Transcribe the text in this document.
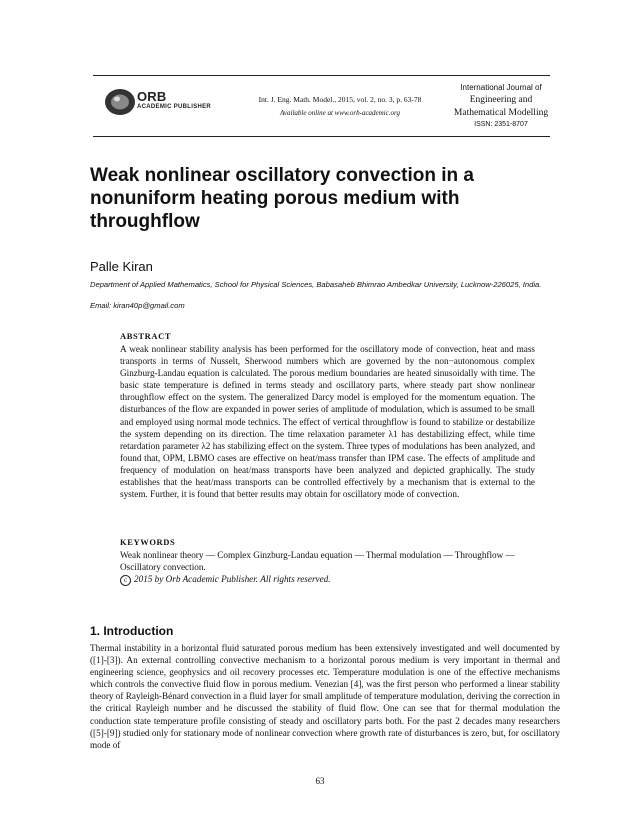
ORB
ACADEMIC PUBLISHER
Int. J. Eng. Math. Model., 2015, vol. 2, no. 3, p. 63-78
Available online at www.orb-academic.org
International Journal of
Engineering and
Mathematical Modelling
ISSN: 2351-8707
Weak nonlinear oscillatory convection in a nonuniform heating porous medium with throughflow
Palle Kiran
Department of Applied Mathematics, School for Physical Sciences, Babasaheb Bhimrao Ambedkar University, Lucknow-226025, India.
Email: kiran40p@gmail.com
ABSTRACT
A weak nonlinear stability analysis has been performed for the oscillatory mode of convection, heat and mass transports in terms of Nusselt, Sherwood numbers which are governed by the non−autonomous complex Ginzburg-Landau equation is calculated. The porous medium boundaries are heated sinusoidally with time. The basic state temperature is defined in terms steady and oscillatory parts, where steady part show nonlinear throughflow effect on the system. The generalized Darcy model is employed for the momentum equation. The disturbances of the flow are expanded in power series of amplitude of modulation, which is assumed to be small and employed using normal mode technics. The effect of vertical throughflow is found to stabilize or destabilize the system depending on its direction. The time relaxation parameter λ1 has destabilizing effect, while time retardation parameter λ2 has stabilizing effect on the system. Three types of modulations has been analyzed, and found that, OPM, LBMO cases are effective on heat/mass transfer than IPM case. The effects of amplitude and frequency of modulation on heat/mass transports have been analyzed and depicted graphically. The study establishes that the heat/mass transports can be controlled effectively by a mechanism that is external to the system. Further, it is found that better results may obtain for oscillatory mode of convection.
KEYWORDS
Weak nonlinear theory — Complex Ginzburg-Landau equation — Thermal modulation — Throughflow — Oscillatory convection.
c 2015 by Orb Academic Publisher. All rights reserved.
1. Introduction
Thermal instability in a horizontal fluid saturated porous medium has been extensively investigated and well documented by ([1]-[3]). An external controlling convective mechanism to a horizontal porous medium is very important in thermal and engineering science, geophysics and oil recovery processes etc. Temperature modulation is one of the effective mechanisms which controls the convective fluid flow in porous medium. Venezian [4], was the first person who performed a linear stability theory of Rayleigh-Bénard convection in a fluid layer for small amplitude of temperature modulation, deriving the correction in the critical Rayleigh number and he discussed the stability of fluid flow. One can see that for thermal modulation the conduction state temperature profile consisting of steady and oscillatory parts both. For the past 2 decades many researchers ([5]-[9]) studied only for stationary mode of nonlinear convection where growth rate of disturbances is zero, but, for oscillatory mode of
63
